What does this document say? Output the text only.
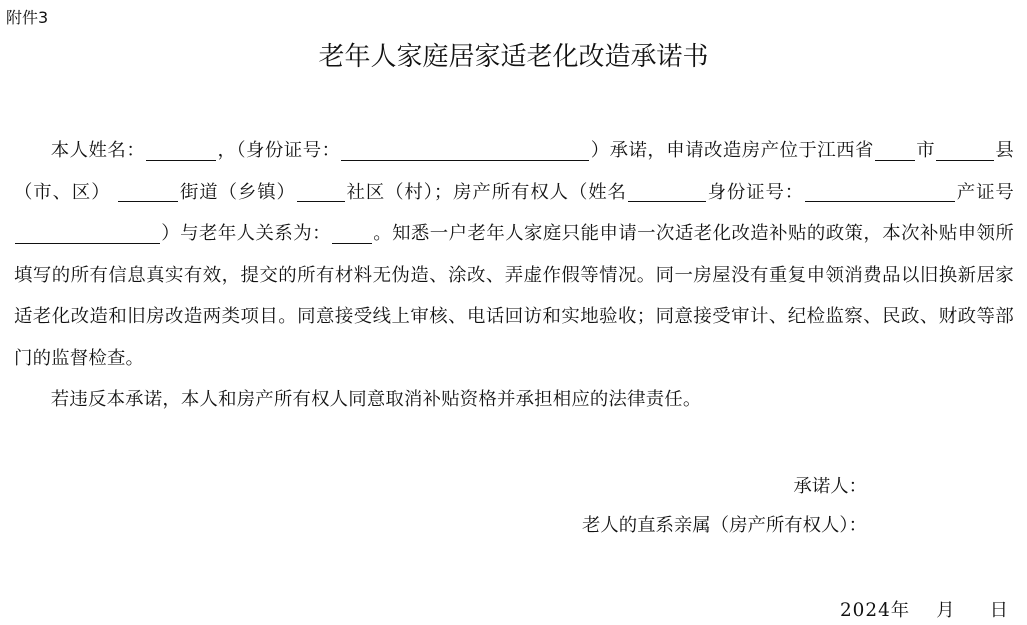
附件3
老年人家庭居家适老化改造承诺书

本人姓名：	，（身份证号：	）承诺，申请改造房产位于江西省 市	县（市、区）	街道（乡镇）	社区（村）；房产所有权人（姓名	身份证号：	产证号）与老年人关系为： 。知悉一户老年人家庭只能申请一次适老化改造补贴的政策，本次补贴申领所填写的所有信息真实有效，提交的所有材料无伪造、涂改、弄虚作假等情况。同一房屋没有重复申领消费品以旧换新居家适老化改造和旧房改造两类项目。同意接受线上审核、电话回访和实地验收；同意接受审计、纪检监察、民政、财政等部门的监督检查。

若违反本承诺，本人和房产所有权人同意取消补贴资格并承担相应的法律责任。

承诺人：
老人的直系亲属（房产所有权人）：
2024年 月 日
